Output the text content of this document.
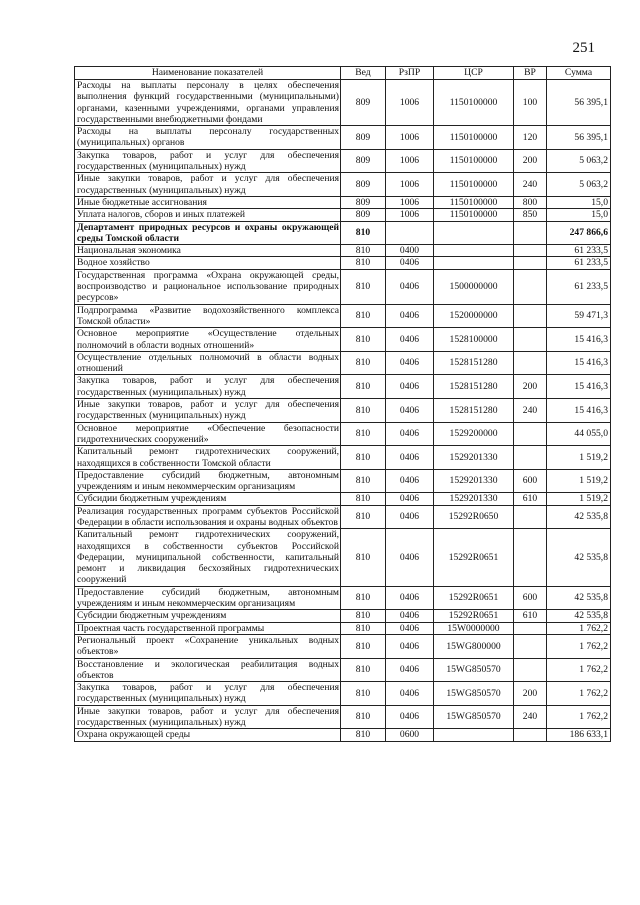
251
Наименование показателей	Вед	РзПР	ЦСР	ВР	Сумма
Расходы на выплаты персоналу в целях обеспечения выполнения функций государственными (муниципальными) органами, казенными учреждениями, органами управления государственными внебюджетными фондами	809	1006	1150100000	100	56 395,1
Расходы на выплаты персоналу государственных (муниципальных) органов	809	1006	1150100000	120	56 395,1
Закупка товаров, работ и услуг для обеспечения государственных (муниципальных) нужд	809	1006	1150100000	200	5 063,2
Иные закупки товаров, работ и услуг для обеспечения государственных (муниципальных) нужд	809	1006	1150100000	240	5 063,2
Иные бюджетные ассигнования	809	1006	1150100000	800	15,0
Уплата налогов, сборов и иных платежей	809	1006	1150100000	850	15,0
Департамент природных ресурсов и охраны окружающей среды Томской области	810				247 866,6
Национальная экономика	810	0400			61 233,5
Водное хозяйство	810	0406			61 233,5
Государственная программа «Охрана окружающей среды, воспроизводство и рациональное использование природных ресурсов»	810	0406	1500000000		61 233,5
Подпрограмма «Развитие водохозяйственного комплекса Томской области»	810	0406	1520000000		59 471,3
Основное мероприятие «Осуществление отдельных полномочий в области водных отношений»	810	0406	1528100000		15 416,3
Осуществление отдельных полномочий в области водных отношений	810	0406	1528151280		15 416,3
Закупка товаров, работ и услуг для обеспечения государственных (муниципальных) нужд	810	0406	1528151280	200	15 416,3
Иные закупки товаров, работ и услуг для обеспечения государственных (муниципальных) нужд	810	0406	1528151280	240	15 416,3
Основное мероприятие «Обеспечение безопасности гидротехнических сооружений»	810	0406	1529200000		44 055,0
Капитальный ремонт гидротехнических сооружений, находящихся в собственности Томской области	810	0406	1529201330		1 519,2
Предоставление субсидий бюджетным, автономным учреждениям и иным некоммерческим организациям	810	0406	1529201330	600	1 519,2
Субсидии бюджетным учреждениям	810	0406	1529201330	610	1 519,2
Реализация государственных программ субъектов Российской Федерации в области использования и охраны водных объектов	810	0406	15292R0650		42 535,8
Капитальный ремонт гидротехнических сооружений, находящихся в собственности субъектов Российской Федерации, муниципальной собственности, капитальный ремонт и ликвидация бесхозяйных гидротехнических сооружений	810	0406	15292R0651		42 535,8
Предоставление субсидий бюджетным, автономным учреждениям и иным некоммерческим организациям	810	0406	15292R0651	600	42 535,8
Субсидии бюджетным учреждениям	810	0406	15292R0651	610	42 535,8
Проектная часть государственной программы	810	0406	15W0000000		1 762,2
Региональный проект «Сохранение уникальных водных объектов»	810	0406	15WG800000		1 762,2
Восстановление и экологическая реабилитация водных объектов	810	0406	15WG850570		1 762,2
Закупка товаров, работ и услуг для обеспечения государственных (муниципальных) нужд	810	0406	15WG850570	200	1 762,2
Иные закупки товаров, работ и услуг для обеспечения государственных (муниципальных) нужд	810	0406	15WG850570	240	1 762,2
Охрана окружающей среды	810	0600			186 633,1
